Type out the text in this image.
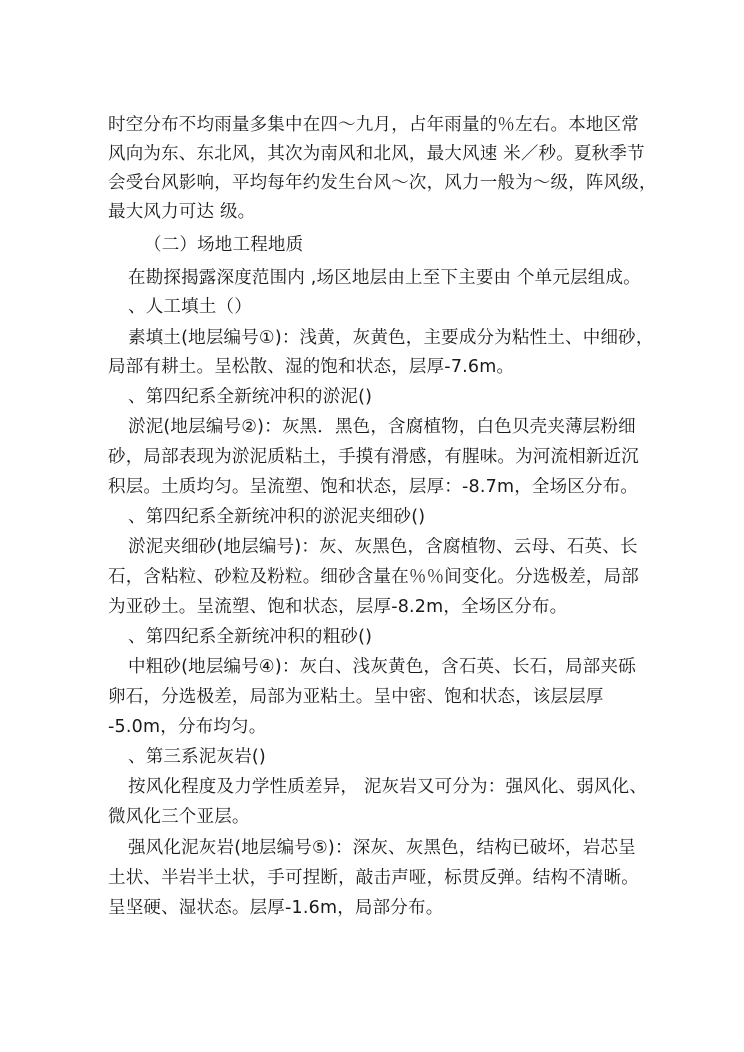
时空分布不均雨量多集中在四～九月，占年雨量的％左右。本地区常
风向为东、东北风，其次为南风和北风，最大风速 米／秒。夏秋季节
会受台风影响，平均每年约发生台风～次，风力一般为～级，阵风级，
最大风力可达 级。
（二）场地工程地质
在勘探揭露深度范围内 ,场区地层由上至下主要由 个单元层组成。
、人工填土（）
素填土(地层编号①)：浅黄，灰黄色，主要成分为粘性土、中细砂，
局部有耕土。呈松散、湿的饱和状态，层厚-7.6m。
、第四纪系全新统冲积的淤泥()
淤泥(地层编号②)：灰黑．黑色，含腐植物，白色贝壳夹薄层粉细
砂，局部表现为淤泥质粘土，手摸有滑感，有腥味。为河流相新近沉
积层。土质均匀。呈流塑、饱和状态，层厚：-8.7m，全场区分布。
、第四纪系全新统冲积的淤泥夹细砂()
淤泥夹细砂(地层编号)：灰、灰黑色，含腐植物、云母、石英、长
石，含粘粒、砂粒及粉粒。细砂含量在％％间变化。分选极差，局部
为亚砂土。呈流塑、饱和状态，层厚-8.2m，全场区分布。
、第四纪系全新统冲积的粗砂()
中粗砂(地层编号④)：灰白、浅灰黄色，含石英、长石，局部夹砾
卵石，分选极差，局部为亚粘土。呈中密、饱和状态，该层层厚
-5.0m，分布均匀。
、第三系泥灰岩()
按风化程度及力学性质差异， 泥灰岩又可分为：强风化、弱风化、
微风化三个亚层。
强风化泥灰岩(地层编号⑤)：深灰、灰黑色，结构已破坏，岩芯呈
土状、半岩半土状，手可捏断，敲击声哑，标贯反弹。结构不清晰。
呈坚硬、湿状态。层厚-1.6m，局部分布。
